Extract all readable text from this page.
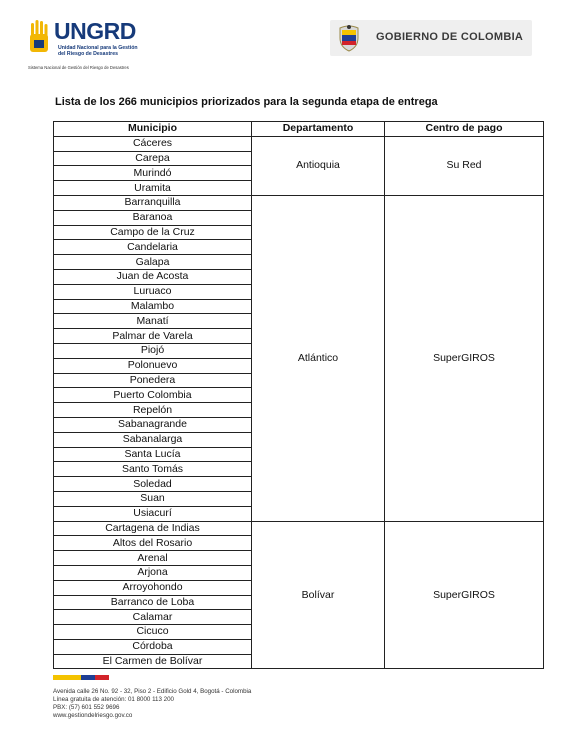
UNGRD
Unidad Nacional para la Gestión
del Riesgo de Desastres
Sistema Nacional de Gestión del Riesgo de Desastres
GOBIERNO DE COLOMBIA
Lista de los 266 municipios priorizados para la segunda etapa de entrega
Municipio	Departamento	Centro de pago
Cáceres	Antioquia	Su Red
Carepa		
Murindó		
Uramita		
Barranquilla	Atlántico	SuperGIROS
Baranoa		
Campo de la Cruz		
Candelaria		
Galapa		
Juan de Acosta		
Luruaco		
Malambo		
Manatí		
Palmar de Varela		
Piojó		
Polonuevo		
Ponedera		
Puerto Colombia		
Repelón		
Sabanagrande		
Sabanalarga		
Santa Lucía		
Santo Tomás		
Soledad		
Suan		
Usiacurí		
Cartagena de Indias	Bolívar	SuperGIROS
Altos del Rosario		
Arenal		
Arjona		
Arroyohondo		
Barranco de Loba		
Calamar		
Cicuco		
Córdoba		
El Carmen de Bolívar		
Avenida calle 26 No. 92 - 32, Piso 2 - Edificio Gold 4, Bogotá - Colombia
Línea gratuita de atención: 01 8000 113 200
PBX: (57) 601 552 9696
www.gestiondelriesgo.gov.co
